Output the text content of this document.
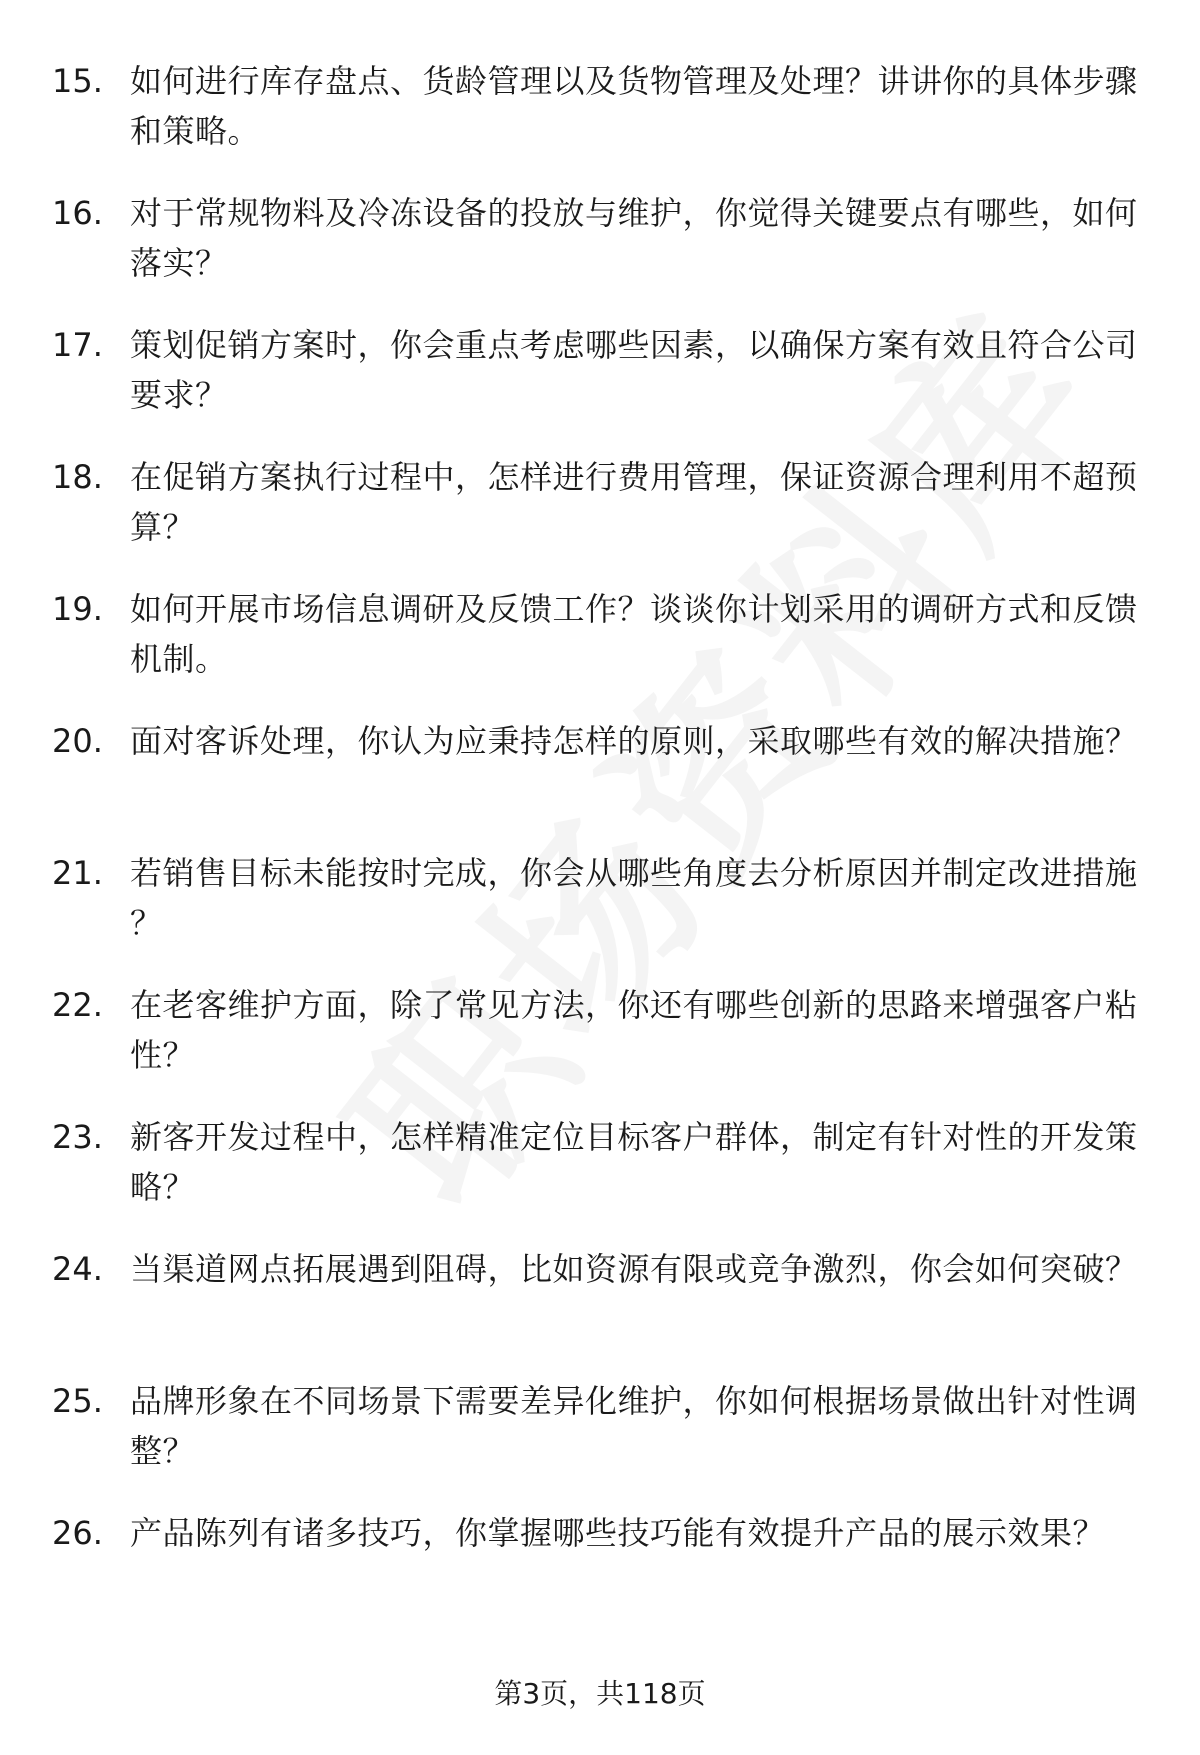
15. 如何进行库存盘点、货龄管理以及货物管理及处理？讲讲你的具体步骤和策略。
16. 对于常规物料及冷冻设备的投放与维护，你觉得关键要点有哪些，如何落实？
17. 策划促销方案时，你会重点考虑哪些因素，以确保方案有效且符合公司要求？
18. 在促销方案执行过程中，怎样进行费用管理，保证资源合理利用不超预算？
19. 如何开展市场信息调研及反馈工作？谈谈你计划采用的调研方式和反馈机制。
20. 面对客诉处理，你认为应秉持怎样的原则，采取哪些有效的解决措施？
21. 若销售目标未能按时完成，你会从哪些角度去分析原因并制定改进措施？
22. 在老客维护方面，除了常见方法，你还有哪些创新的思路来增强客户粘性？
23. 新客开发过程中，怎样精准定位目标客户群体，制定有针对性的开发策略？
24. 当渠道网点拓展遇到阻碍，比如资源有限或竞争激烈，你会如何突破？
25. 品牌形象在不同场景下需要差异化维护，你如何根据场景做出针对性调整？
26. 产品陈列有诸多技巧，你掌握哪些技巧能有效提升产品的展示效果？
第3页，共118页
